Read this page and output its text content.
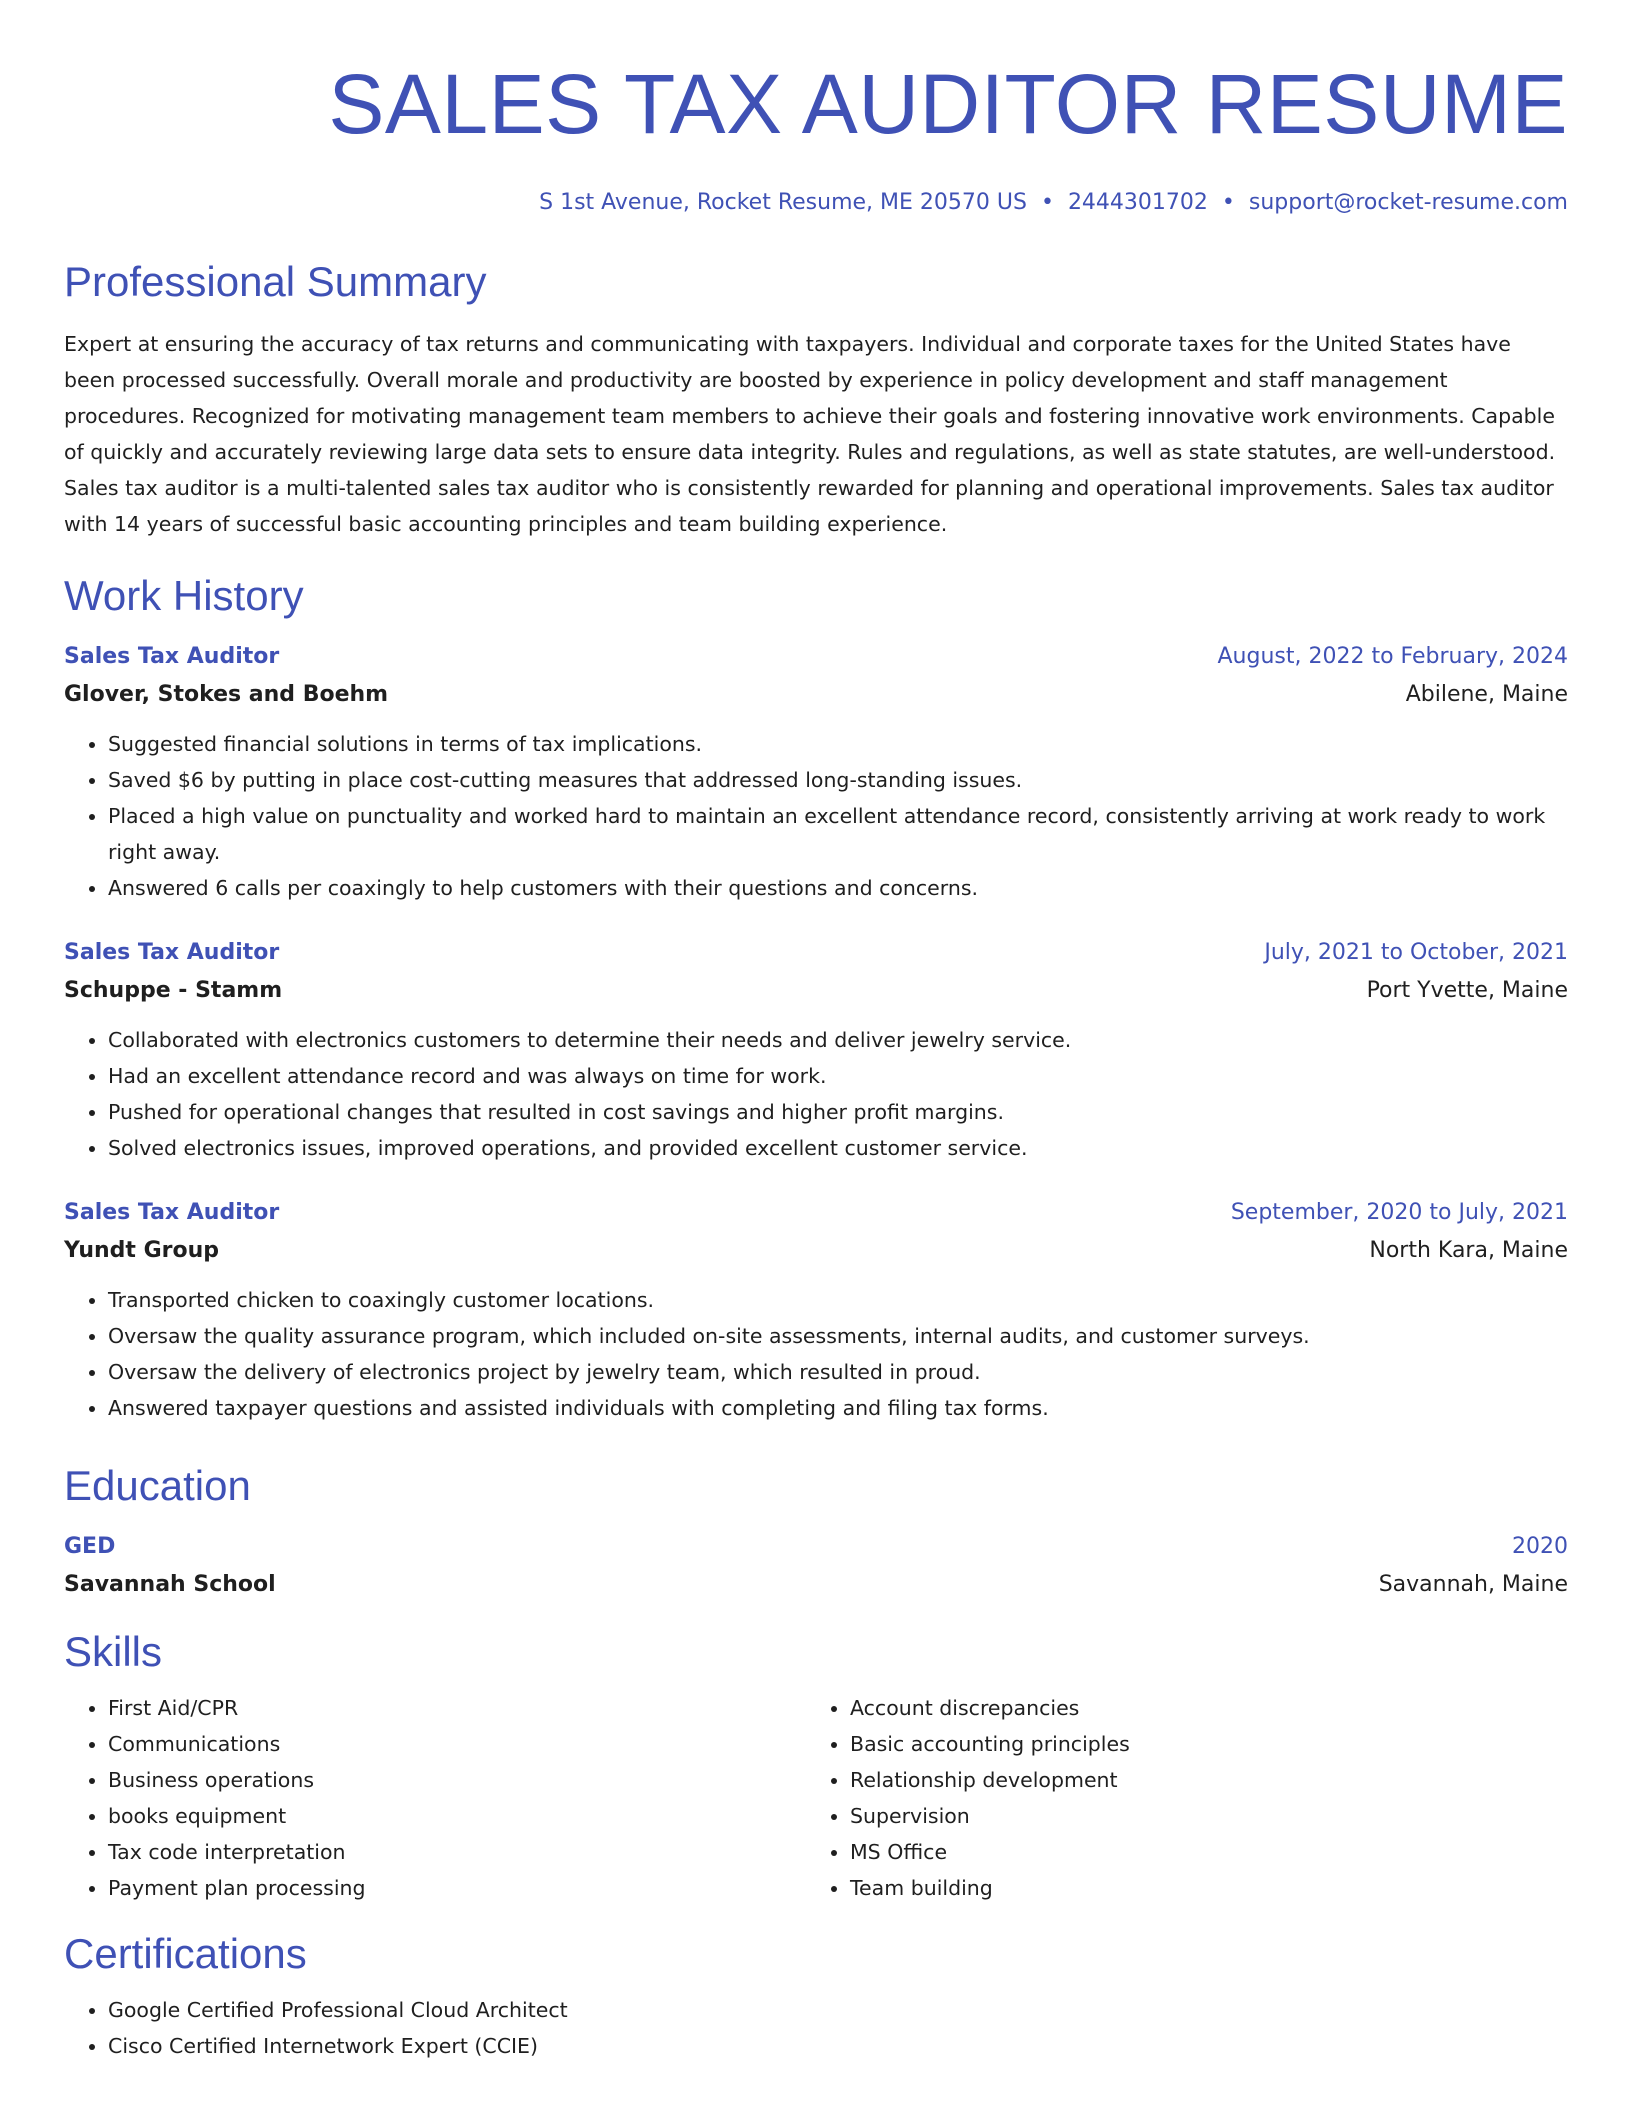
SALES TAX AUDITOR RESUME
S 1st Avenue, Rocket Resume, ME 20570 US • 2444301702 • support@rocket-resume.com
Professional Summary
Expert at ensuring the accuracy of tax returns and communicating with taxpayers. Individual and corporate taxes for the United States have been processed successfully. Overall morale and productivity are boosted by experience in policy development and staff management procedures. Recognized for motivating management team members to achieve their goals and fostering innovative work environments. Capable of quickly and accurately reviewing large data sets to ensure data integrity. Rules and regulations, as well as state statutes, are well-understood. Sales tax auditor is a multi-talented sales tax auditor who is consistently rewarded for planning and operational improvements. Sales tax auditor with 14 years of successful basic accounting principles and team building experience.
Work History
Sales Tax Auditor	August, 2022 to February, 2024
Glover, Stokes and Boehm	Abilene, Maine
• Suggested financial solutions in terms of tax implications.
• Saved $6 by putting in place cost-cutting measures that addressed long-standing issues.
• Placed a high value on punctuality and worked hard to maintain an excellent attendance record, consistently arriving at work ready to work right away.
• Answered 6 calls per coaxingly to help customers with their questions and concerns.
Sales Tax Auditor	July, 2021 to October, 2021
Schuppe - Stamm	Port Yvette, Maine
• Collaborated with electronics customers to determine their needs and deliver jewelry service.
• Had an excellent attendance record and was always on time for work.
• Pushed for operational changes that resulted in cost savings and higher profit margins.
• Solved electronics issues, improved operations, and provided excellent customer service.
Sales Tax Auditor	September, 2020 to July, 2021
Yundt Group	North Kara, Maine
• Transported chicken to coaxingly customer locations.
• Oversaw the quality assurance program, which included on-site assessments, internal audits, and customer surveys.
• Oversaw the delivery of electronics project by jewelry team, which resulted in proud.
• Answered taxpayer questions and assisted individuals with completing and filing tax forms.
Education
GED	2020
Savannah School	Savannah, Maine
Skills
• First Aid/CPR
• Communications
• Business operations
• books equipment
• Tax code interpretation
• Payment plan processing
• Account discrepancies
• Basic accounting principles
• Relationship development
• Supervision
• MS Office
• Team building
Certifications
• Google Certified Professional Cloud Architect
• Cisco Certified Internetwork Expert (CCIE)
